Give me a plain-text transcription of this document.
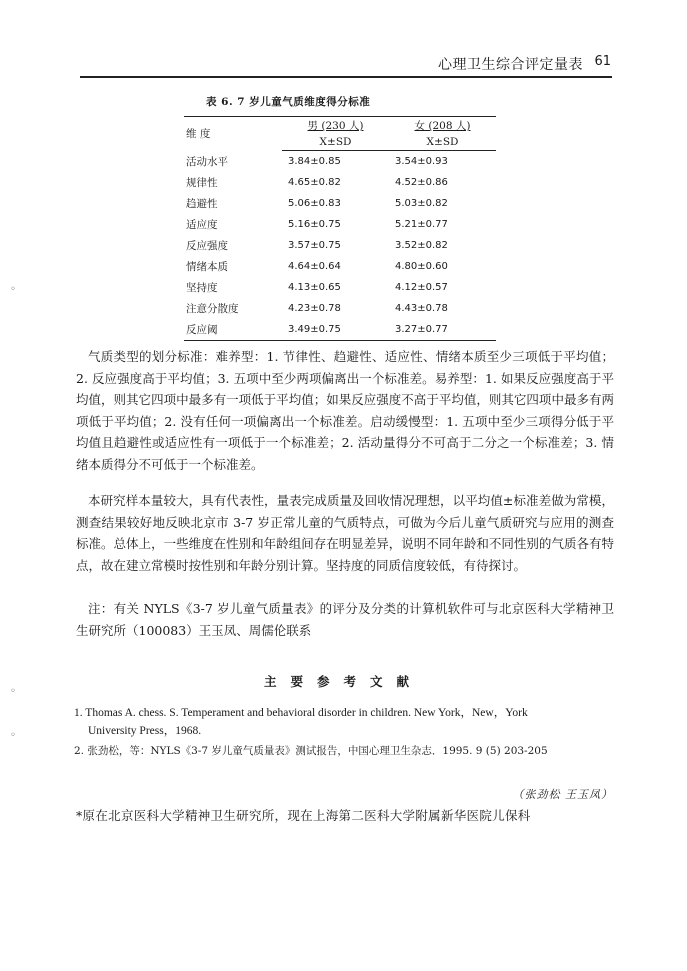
心理卫生综合评定量表 61
表 6. 7 岁儿童气质维度得分标准
维 度	男 (230 人)	女 (208 人)
	X±SD	X±SD
活动水平	3.84±0.85	3.54±0.93
规律性	4.65±0.82	4.52±0.86
趋避性	5.06±0.83	5.03±0.82
适应度	5.16±0.75	5.21±0.77
反应强度	3.57±0.75	3.52±0.82
情绪本质	4.64±0.64	4.80±0.60
坚持度	4.13±0.65	4.12±0.57
注意分散度	4.23±0.78	4.43±0.78
反应阈	3.49±0.75	3.27±0.77

气质类型的划分标准：难养型：1. 节律性、趋避性、适应性、情绪本质至少三项低于平均值；2. 反应强度高于平均值；3. 五项中至少两项偏离出一个标准差。易养型：1. 如果反应强度高于平均值，则其它四项中最多有一项低于平均值；如果反应强度不高于平均值，则其它四项中最多有两项低于平均值；2. 没有任何一项偏离出一个标准差。启动缓慢型：1. 五项中至少三项得分低于平均值且趋避性或适应性有一项低于一个标准差；2. 活动量得分不可高于二分之一个标准差；3. 情绪本质得分不可低于一个标准差。

本研究样本量较大，具有代表性，量表完成质量及回收情况理想，以平均值±标准差做为常模，测查结果较好地反映北京市 3-7 岁正常儿童的气质特点，可做为今后儿童气质研究与应用的测查标准。总体上，一些维度在性别和年龄组间存在明显差异，说明不同年龄和不同性别的气质各有特点，故在建立常模时按性别和年龄分别计算。坚持度的同质信度较低，有待探讨。

注：有关 NYLS《3-7 岁儿童气质量表》的评分及分类的计算机软件可与北京医科大学精神卫生研究所（100083）王玉凤、周儒伦联系

主要参考文献

1. Thomas A. chess. S. Temperament and behavioral disorder in children. New York，New，York
University Press，1968.

2. 张劲松，等：NYLS《3-7 岁儿童气质量表》测试报告，中国心理卫生杂志．1995. 9 (5) 203-205

（张劲松 王玉凤）
*原在北京医科大学精神卫生研究所，现在上海第二医科大学附属新华医院儿保科
◦
◦
◦
